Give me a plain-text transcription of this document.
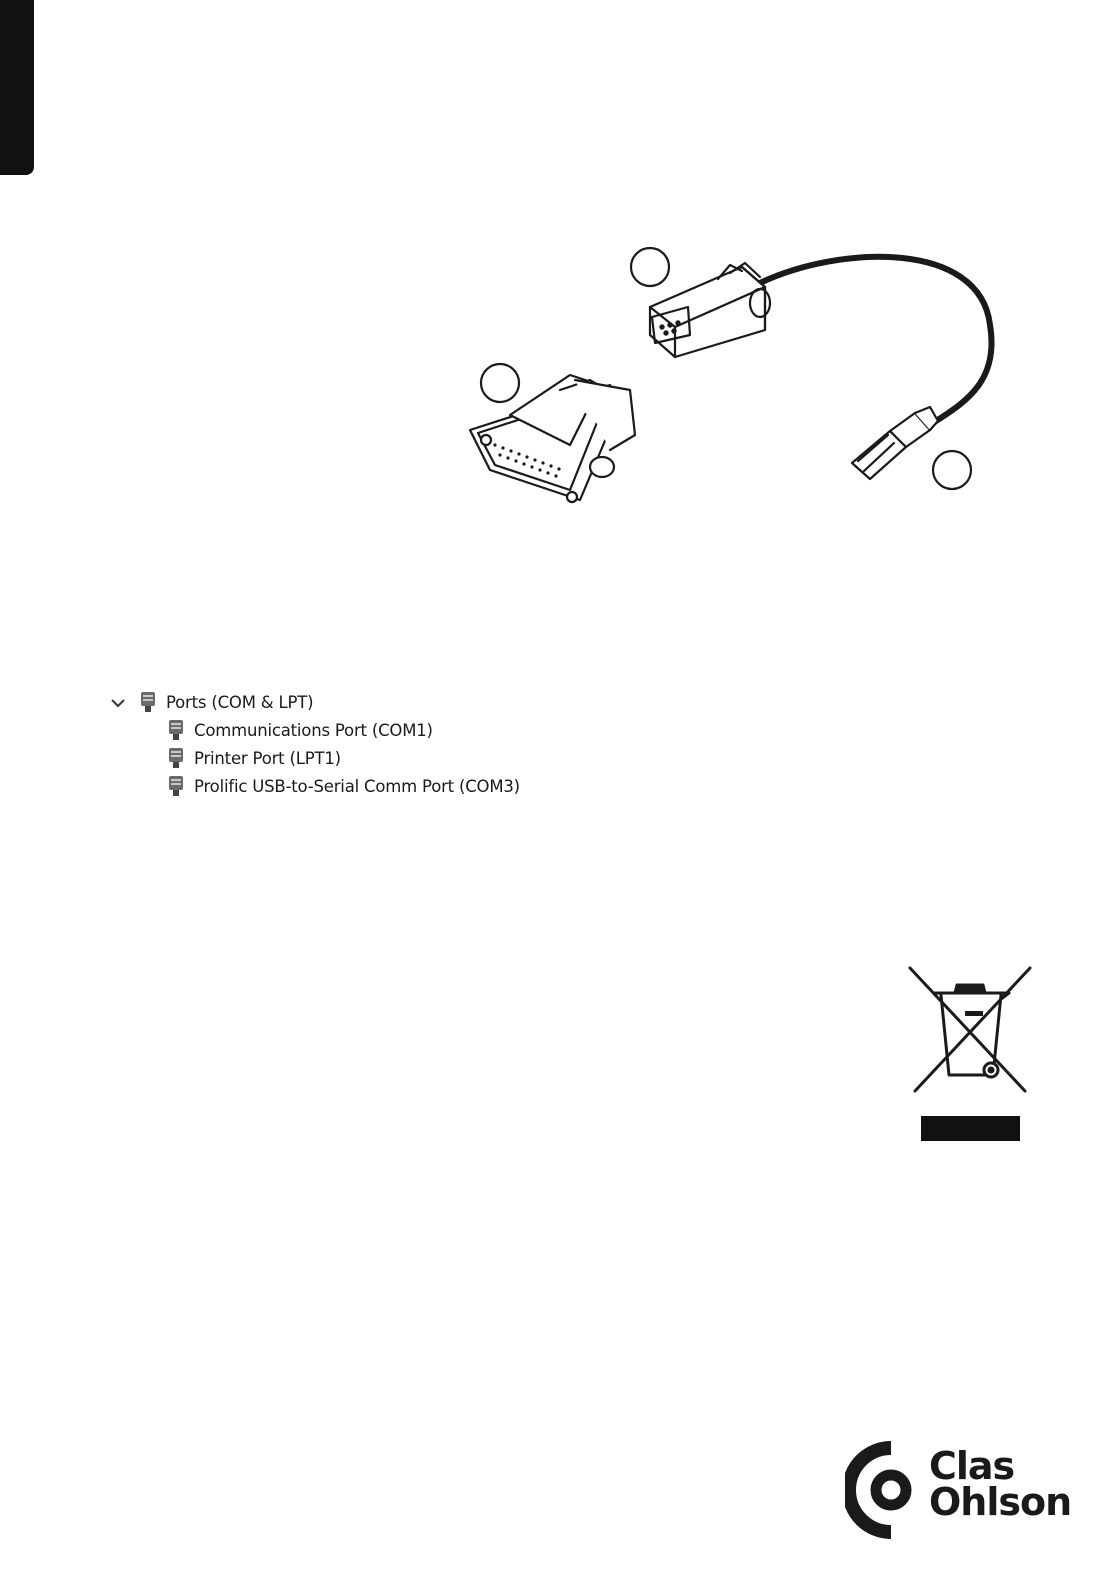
Ports (COM & LPT)
Communications Port (COM1)
Printer Port (LPT1)
Prolific USB-to-Serial Comm Port (COM3)
Clas
Ohlson
